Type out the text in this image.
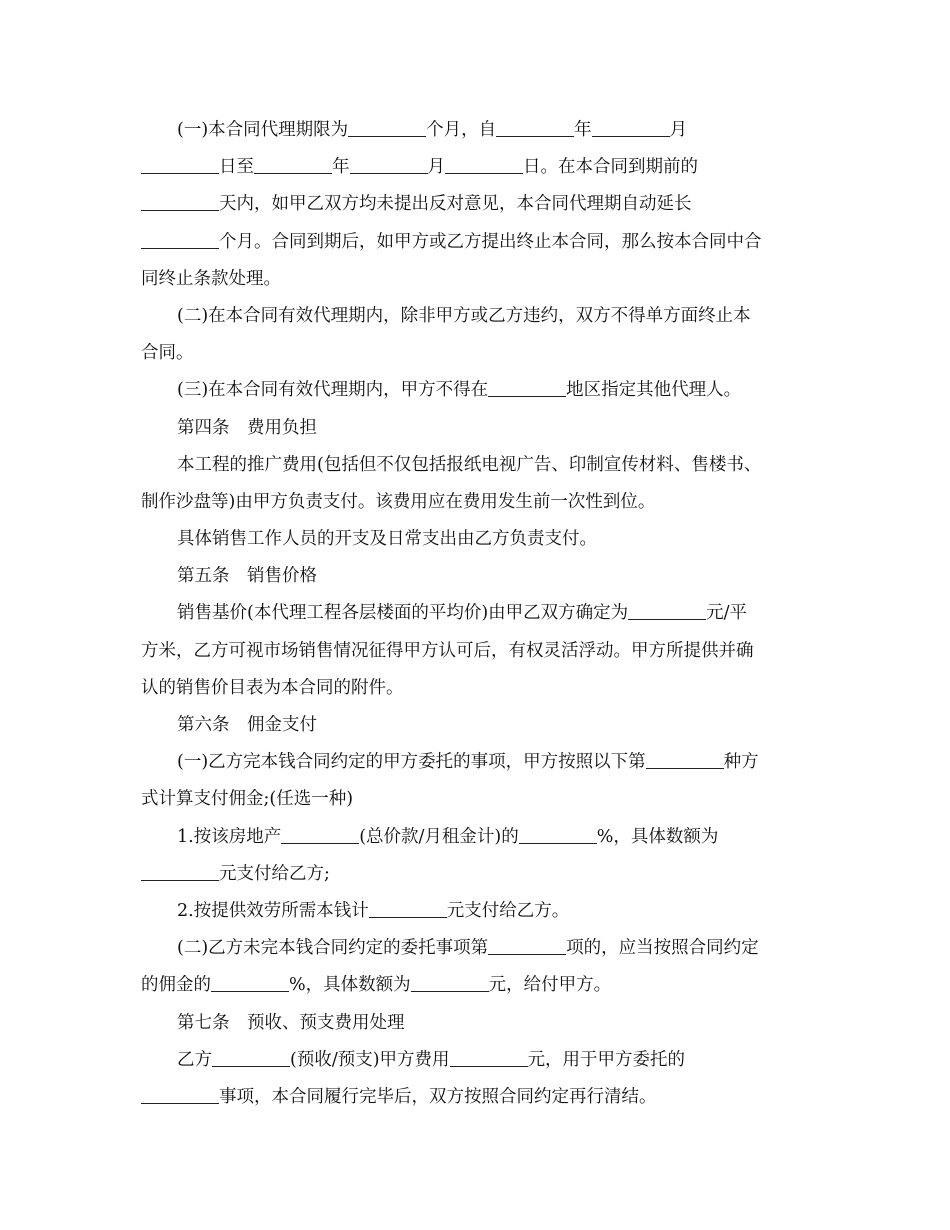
(一)本合同代理期限为	个月，自	年	月
日至	年	月	日。在本合同到期前的
天内，如甲乙双方均未提出反对意见，本合同代理期自动延长
个月。合同到期后，如甲方或乙方提出终止本合同，那么按本合同中合
同终止条款处理。
(二)在本合同有效代理期内，除非甲方或乙方违约，双方不得单方面终止本
合同。
(三)在本合同有效代理期内，甲方不得在	地区指定其他代理人。
第四条　费用负担
本工程的推广费用(包括但不仅包括报纸电视广告、印制宣传材料、售楼书、
制作沙盘等)由甲方负责支付。该费用应在费用发生前一次性到位。
具体销售工作人员的开支及日常支出由乙方负责支付。
第五条　销售价格
销售基价(本代理工程各层楼面的平均价)由甲乙双方确定为	元/平
方米，乙方可视市场销售情况征得甲方认可后，有权灵活浮动。甲方所提供并确
认的销售价目表为本合同的附件。
第六条　佣金支付
(一)乙方完本钱合同约定的甲方委托的事项，甲方按照以下第	种方
式计算支付佣金;(任选一种)
1.按该房地产	(总价款/月租金计)的	%，具体数额为
元支付给乙方;
2.按提供效劳所需本钱计	元支付给乙方。
(二)乙方未完本钱合同约定的委托事项第	项的，应当按照合同约定
的佣金的	%，具体数额为	元，给付甲方。
第七条　预收、预支费用处理
乙方	(预收/预支)甲方费用	元，用于甲方委托的
事项，本合同履行完毕后，双方按照合同约定再行清结。
